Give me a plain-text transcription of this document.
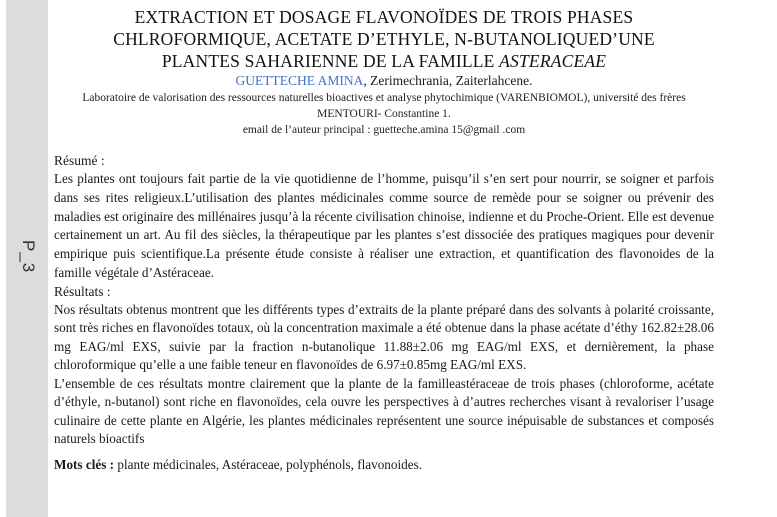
P_3

EXTRACTION ET DOSAGE FLAVONOÏDES DE TROIS PHASES

CHLROFORMIQUE, ACETATE D’ETHYLE, N-BUTANOLIQUED’UNE

PLANTES SAHARIENNE DE LA FAMILLE ASTERACEAE

GUETTECHE AMINA, Zerimechrania, Zaiterlahcene.

Laboratoire de valorisation des ressources naturelles bioactives et analyse phytochimique (VARENBIOMOL), université des frères MENTOURI- Constantine 1.

email de l’auteur principal : guetteche.amina 15@gmail .com

Résumé :

Les plantes ont toujours fait partie de la vie quotidienne de l’homme, puisqu’il s’en sert pour nourrir, se soigner et parfois dans ses rites religieux.L’utilisation des plantes médicinales comme source de remède pour se soigner ou prévenir des maladies est originaire des millénaires jusqu’à la récente civilisation chinoise, indienne et du Proche-Orient. Elle est devenue certainement un art. Au fil des siècles, la thérapeutique par les plantes s’est dissociée des pratiques magiques pour devenir empirique puis scientifique.La présente étude consiste à réaliser une extraction, et quantification des flavonoides de la famille végétale d’Astéraceae.

Résultats :

Nos résultats obtenus montrent que les différents types d’extraits de la plante préparé dans des solvants à polarité croissante, sont très riches en flavonoïdes totaux, où la concentration maximale a été obtenue dans la phase acétate d’éthy 162.82±28.06 mg EAG/ml EXS, suivie par la fraction n-butanolique 11.88±2.06 mg EAG/ml EXS, et dernièrement, la phase chloroformique qu’elle a une faible teneur en flavonoïdes de 6.97±0.85mg EAG/ml EXS.

L’ensemble de ces résultats montre clairement que la plante de la familleastéraceae de trois phases (chloroforme, acétate d’éthyle, n-butanol) sont riche en flavonoïdes, cela ouvre les perspectives à d’autres recherches visant à revaloriser l’usage culinaire de cette plante en Algérie, les plantes médicinales représentent une source inépuisable de substances et composés naturels bioactifs

Mots clés : plante médicinales, Astéraceae, polyphénols, flavonoides.
